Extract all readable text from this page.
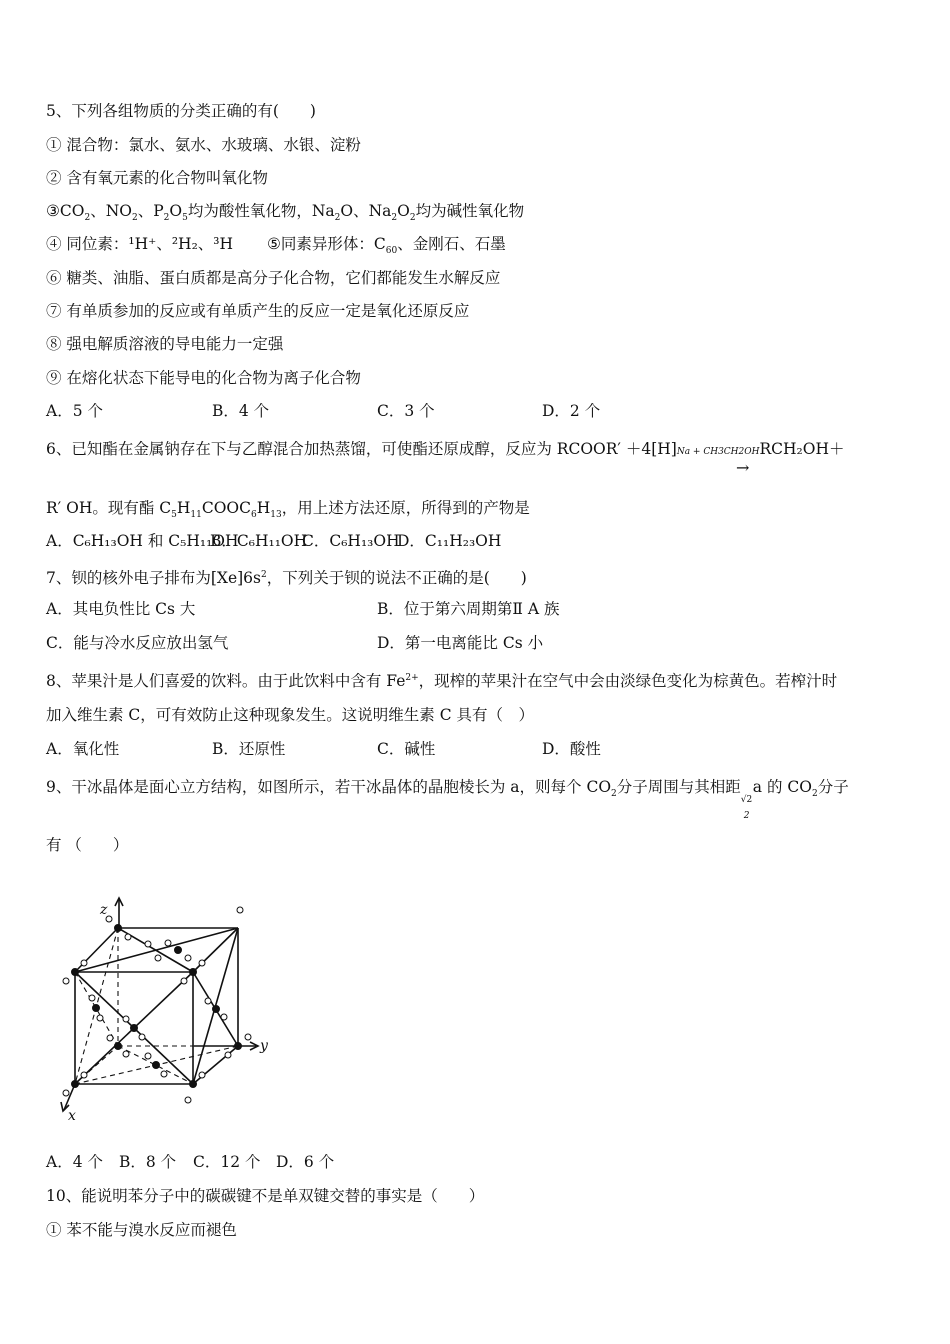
5、下列各组物质的分类正确的有(　　)
① 混合物：氯水、氨水、水玻璃、水银、淀粉
② 含有氧元素的化合物叫氧化物
$③CO_2$、$NO_2$、$P_2O_5$均为酸性氧化物，$Na_2O$、$Na_2O_2$均为碱性氧化物
④ 同位素：¹H⁺、²H₂、³H ⑤同素异形体：$C_{60}$、金刚石、石墨
⑥ 糖类、油脂、蛋白质都是高分子化合物，它们都能发生水解反应
⑦ 有单质参加的反应或有单质产生的反应一定是氧化还原反应
⑧ 强电解质溶液的导电能力一定强
⑨ 在熔化状态下能导电的化合物为离子化合物
A．5 个	B．4 个	C．3 个	D．2 个
6、已知酯在金属钠存在下与乙醇混合加热蒸馏，可使酯还原成醇，反应为 RCOOR′ ＋4[H]Na + CH3CH2OHRCH₂OH＋
→
R′ OH。现有酯 $C_5H_{11}COOC_6H_{13}$，用上述方法还原，所得到的产物是
A．C₆H₁₃OH 和 C₅H₁₁OH
B．C₆H₁₁OH
C．C₆H₁₃OH
D．C₁₁H₂₃OH
7、钡的核外电子排布为$[Xe]6s^2$，下列关于钡的说法不正确的是(　　)
A．其电负性比 Cs 大	B．位于第六周期第Ⅱ A 族
C．能与冷水反应放出氢气	D．第一电离能比 Cs 小
8、苹果汁是人们喜爱的饮料。由于此饮料中含有 $Fe^{2+}$，现榨的苹果汁在空气中会由淡绿色变化为棕黄色。若榨汁时
加入维生素 C，可有效防止这种现象发生。这说明维生素 C 具有（　）
A．氧化性	B．还原性	C．碱性	D．酸性
9、干冰晶体是面心立方结构，如图所示，若干冰晶体的晶胞棱长为 a，则每个 $CO_2$分子周围与其相距
√2
2
a 的 $CO_2$分子
有 （　　）
z
y
x
A．4 个 B．8 个 C．12 个 D．6 个
10、能说明苯分子中的碳碳键不是单双键交替的事实是（　　）
① 苯不能与溴水反应而褪色
